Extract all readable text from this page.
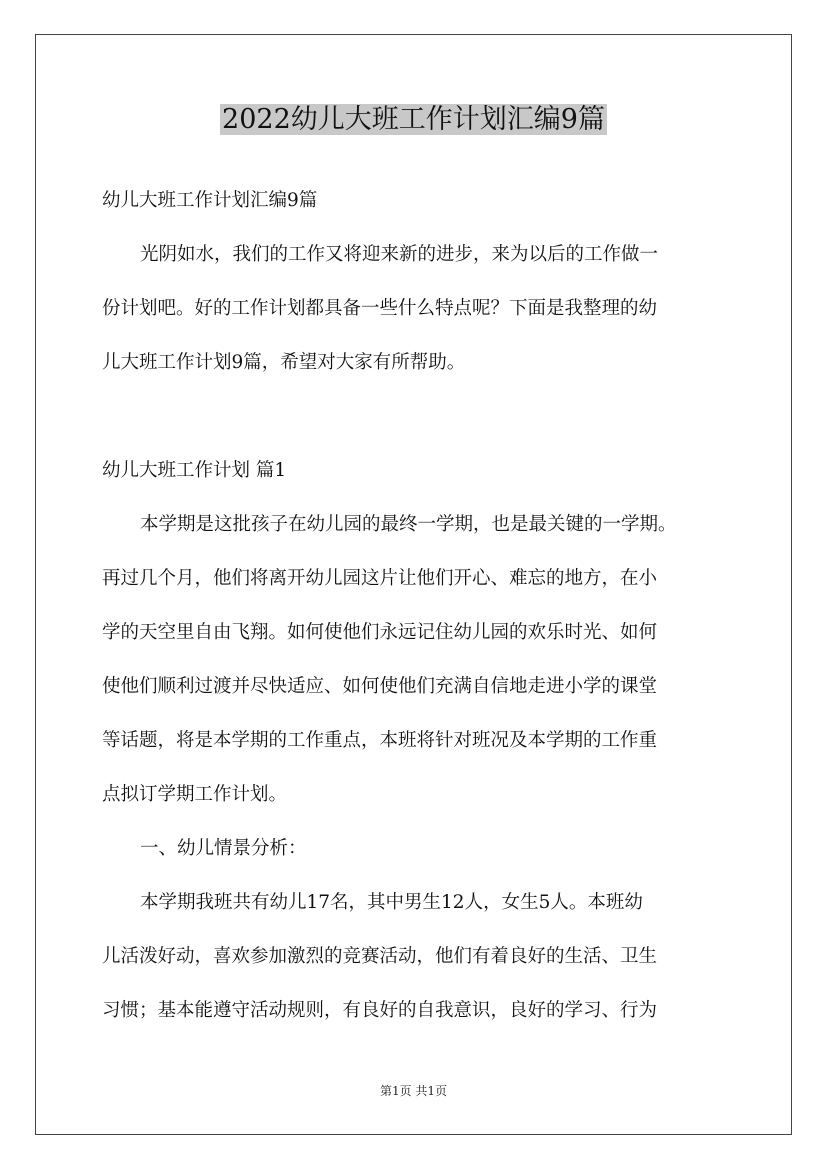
2022幼儿大班工作计划汇编9篇

幼儿大班工作计划汇编9篇

光阴如水，我们的工作又将迎来新的进步，来为以后的工作做一

份计划吧。好的工作计划都具备一些什么特点呢？下面是我整理的幼

儿大班工作计划9篇，希望对大家有所帮助。

幼儿大班工作计划 篇1

本学期是这批孩子在幼儿园的最终一学期，也是最关键的一学期。

再过几个月，他们将离开幼儿园这片让他们开心、难忘的地方，在小

学的天空里自由飞翔。如何使他们永远记住幼儿园的欢乐时光、如何

使他们顺利过渡并尽快适应、如何使他们充满自信地走进小学的课堂

等话题，将是本学期的工作重点，本班将针对班况及本学期的工作重

点拟订学期工作计划。

一、幼儿情景分析：

本学期我班共有幼儿17名，其中男生12人，女生5人。本班幼

儿活泼好动，喜欢参加激烈的竞赛活动，他们有着良好的生活、卫生

习惯；基本能遵守活动规则，有良好的自我意识，良好的学习、行为

第1页 共1页
